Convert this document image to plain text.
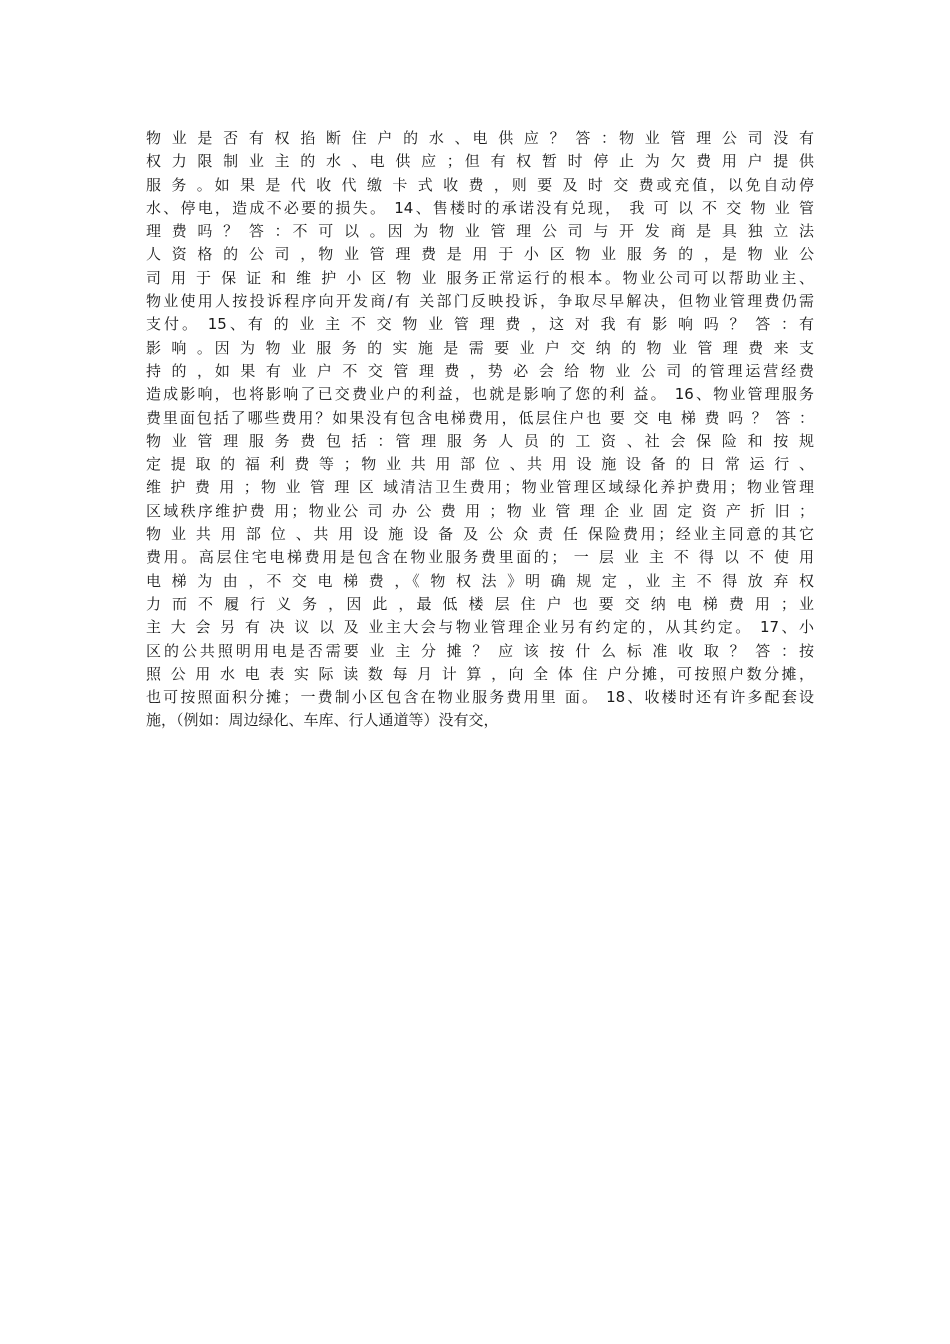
物 业 是 否 有 权 掐 断 住 户 的 水 、电 供 应 ？ 答 ：物 业 管 理 公 司 没 有
权 力 限 制 业 主 的 水 、电 供 应 ；但 有 权 暂 时 停 止 为 欠 费 用 户 提 供
服 务 。如 果 是 代 收 代 缴 卡 式 收 费 ，则 要 及 时 交 费或充值，以免自动停
水、停电，造成不必要的损失。 14、售楼时的承诺没有兑现， 我 可 以 不 交 物 业 管
理 费 吗 ？ 答 ：不 可 以 。因 为 物 业 管 理 公 司 与 开 发 商 是 具 独 立 法
人 资 格 的 公 司 ，物 业 管 理 费 是 用 于 小 区 物 业 服 务 的 ，是 物 业 公
司 用 于 保 证 和 维 护 小 区 物 业 服务正常运行的根本。物业公司可以帮助业主、
物业使用人按投诉程序向开发商/有 关部门反映投诉，争取尽早解决，但物业管理费仍需
支付。 15、有 的 业 主 不 交 物 业 管 理 费 ，这 对 我 有 影 响 吗 ？ 答 ：有
影 响 。因 为 物 业 服 务 的 实 施 是 需 要 业 户 交 纳 的 物 业 管 理 费 来 支
持 的 ，如 果 有 业 户 不 交 管 理 费 ，势 必 会 给 物 业 公 司 的管理运营经费
造成影响，也将影响了已交费业户的利益，也就是影响了您的利 益。 16、物业管理服务
费里面包括了哪些费用？如果没有包含电梯费用，低层住户也 要 交 电 梯 费 吗 ？ 答 ：
物 业 管 理 服 务 费 包 括 ：管 理 服 务 人 员 的 工 资 、社 会 保 险 和 按 规
定 提 取 的 福 利 费 等 ；物 业 共 用 部 位 、共 用 设 施 设 备 的 日 常 运 行 、
维 护 费 用 ；物 业 管 理 区 域清洁卫生费用；物业管理区域绿化养护费用；物业管理
区域秩序维护费 用；物业公 司 办 公 费 用 ；物 业 管 理 企 业 固 定 资 产 折 旧 ；
物 业 共 用 部 位 、共 用 设 施 设 备 及 公 众 责 任 保险费用；经业主同意的其它
费用。高层住宅电梯费用是包含在物业服务费里面的； 一 层 业 主 不 得 以 不 使 用
电 梯 为 由 ，不 交 电 梯 费 ，《 物 权 法 》明 确 规 定 ，业 主 不 得 放 弃 权
力 而 不 履 行 义 务 ，因 此 ，最 低 楼 层 住 户 也 要 交 纳 电 梯 费 用 ；业
主 大 会 另 有 决 议 以 及 业主大会与物业管理企业另有约定的，从其约定。 17、小
区的公共照明用电是否需要 业 主 分 摊 ？ 应 该 按 什 么 标 准 收 取 ？ 答 ：按
照 公 用 水 电 表 实 际 读 数 每 月 计 算 ，向 全 体 住 户分摊，可按照户数分摊，
也可按照面积分摊；一费制小区包含在物业服务费用里 面。 18、收楼时还有许多配套设
施，（例如：周边绿化、车库、行人通道等）没有交，
